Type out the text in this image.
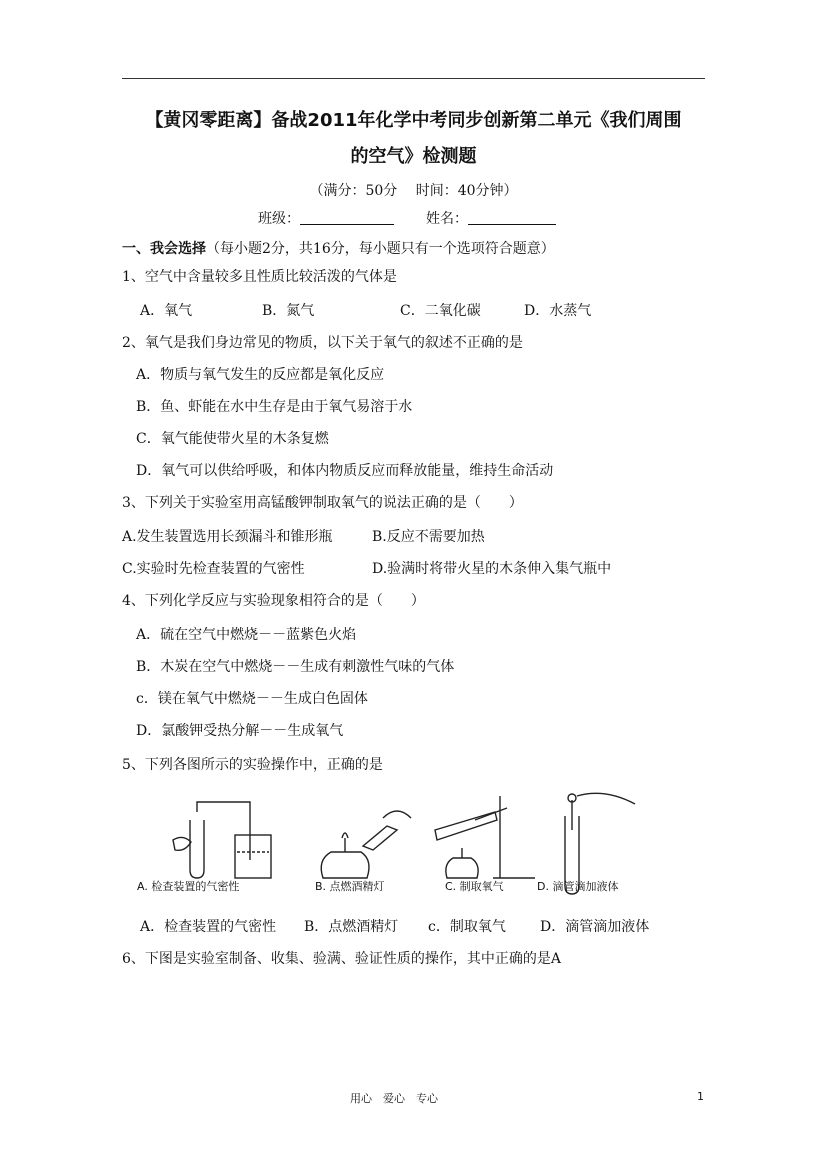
【黄冈零距离】备战2011年化学中考同步创新第二单元《我们周围
的空气》检测题
（满分：50分　 时间：40分钟）
班级：	姓名：
一、我会选择（每小题2分，共16分，每小题只有一个选项符合题意）
1、空气中含量较多且性质比较活泼的气体是
A．氧气	B．氮气	C．二氧化碳	D．水蒸气
2、氧气是我们身边常见的物质，以下关于氧气的叙述不正确的是
A．物质与氧气发生的反应都是氧化反应
B．鱼、虾能在水中生存是由于氧气易溶于水
C．氧气能使带火星的木条复燃
D．氧气可以供给呼吸，和体内物质反应而释放能量，维持生命活动
3、下列关于实验室用高锰酸钾制取氧气的说法正确的是（　　）
A.发生装置选用长颈漏斗和锥形瓶	B.反应不需要加热
C.实验时先检查装置的气密性	D.验满时将带火星的木条伸入集气瓶中
4、下列化学反应与实验现象相符合的是（　　）
A．硫在空气中燃烧－－蓝紫色火焰
B．木炭在空气中燃烧－－生成有刺激性气味的气体
c．镁在氧气中燃烧－－生成白色固体
D．氯酸钾受热分解－－生成氧气
5、下列各图所示的实验操作中，正确的是
A. 检查装置的气密性	B. 点燃酒精灯	C. 制取氧气	D. 滴管滴加液体
A．检查装置的气密性 B．点燃酒精灯 c．制取氧气 D．滴管滴加液体
6、下图是实验室制备、收集、验满、验证性质的操作，其中正确的是A
用心　爱心　专心	1
